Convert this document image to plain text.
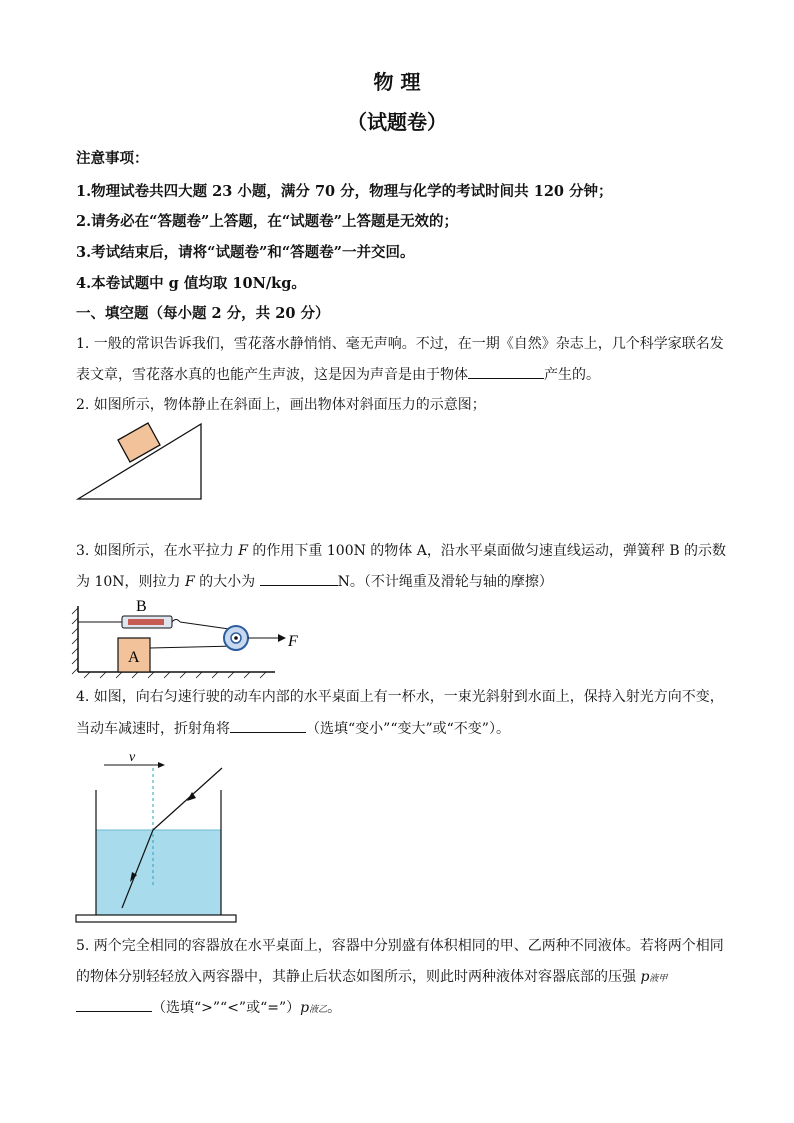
物 理
（试题卷）
注意事项：
1.物理试卷共四大题 23 小题，满分 70 分，物理与化学的考试时间共 120 分钟；
2.请务必在“答题卷”上答题，在“试题卷”上答题是无效的；
3.考试结束后，请将“试题卷”和“答题卷”一并交回。
4.本卷试题中 g 值均取 10N/kg。
一、填空题（每小题 2 分，共 20 分）
1. 一般的常识告诉我们，雪花落水静悄悄、毫无声响。不过，在一期《自然》杂志上，几个科学家联名发
表文章，雪花落水真的也能产生声波，这是因为声音是由于物体	产生的。
2. 如图所示，物体静止在斜面上，画出物体对斜面压力的示意图；
3. 如图所示，在水平拉力 F 的作用下重 100N 的物体 A，沿水平桌面做匀速直线运动，弹簧秤 B 的示数
为 10N，则拉力 F 的大小为	N。（不计绳重及滑轮与轴的摩擦）
B
A
F
4. 如图，向右匀速行驶的动车内部的水平桌面上有一杯水，一束光斜射到水面上，保持入射光方向不变，
当动车减速时，折射角将	（选填“变小”“变大”或“不变”）。
v
5. 两个完全相同的容器放在水平桌面上，容器中分别盛有体积相同的甲、乙两种不同液体。若将两个相同
的物体分别轻轻放入两容器中，其静止后状态如图所示，则此时两种液体对容器底部的压强 p液甲
（选填“>”“<”或“=”）p液乙。
